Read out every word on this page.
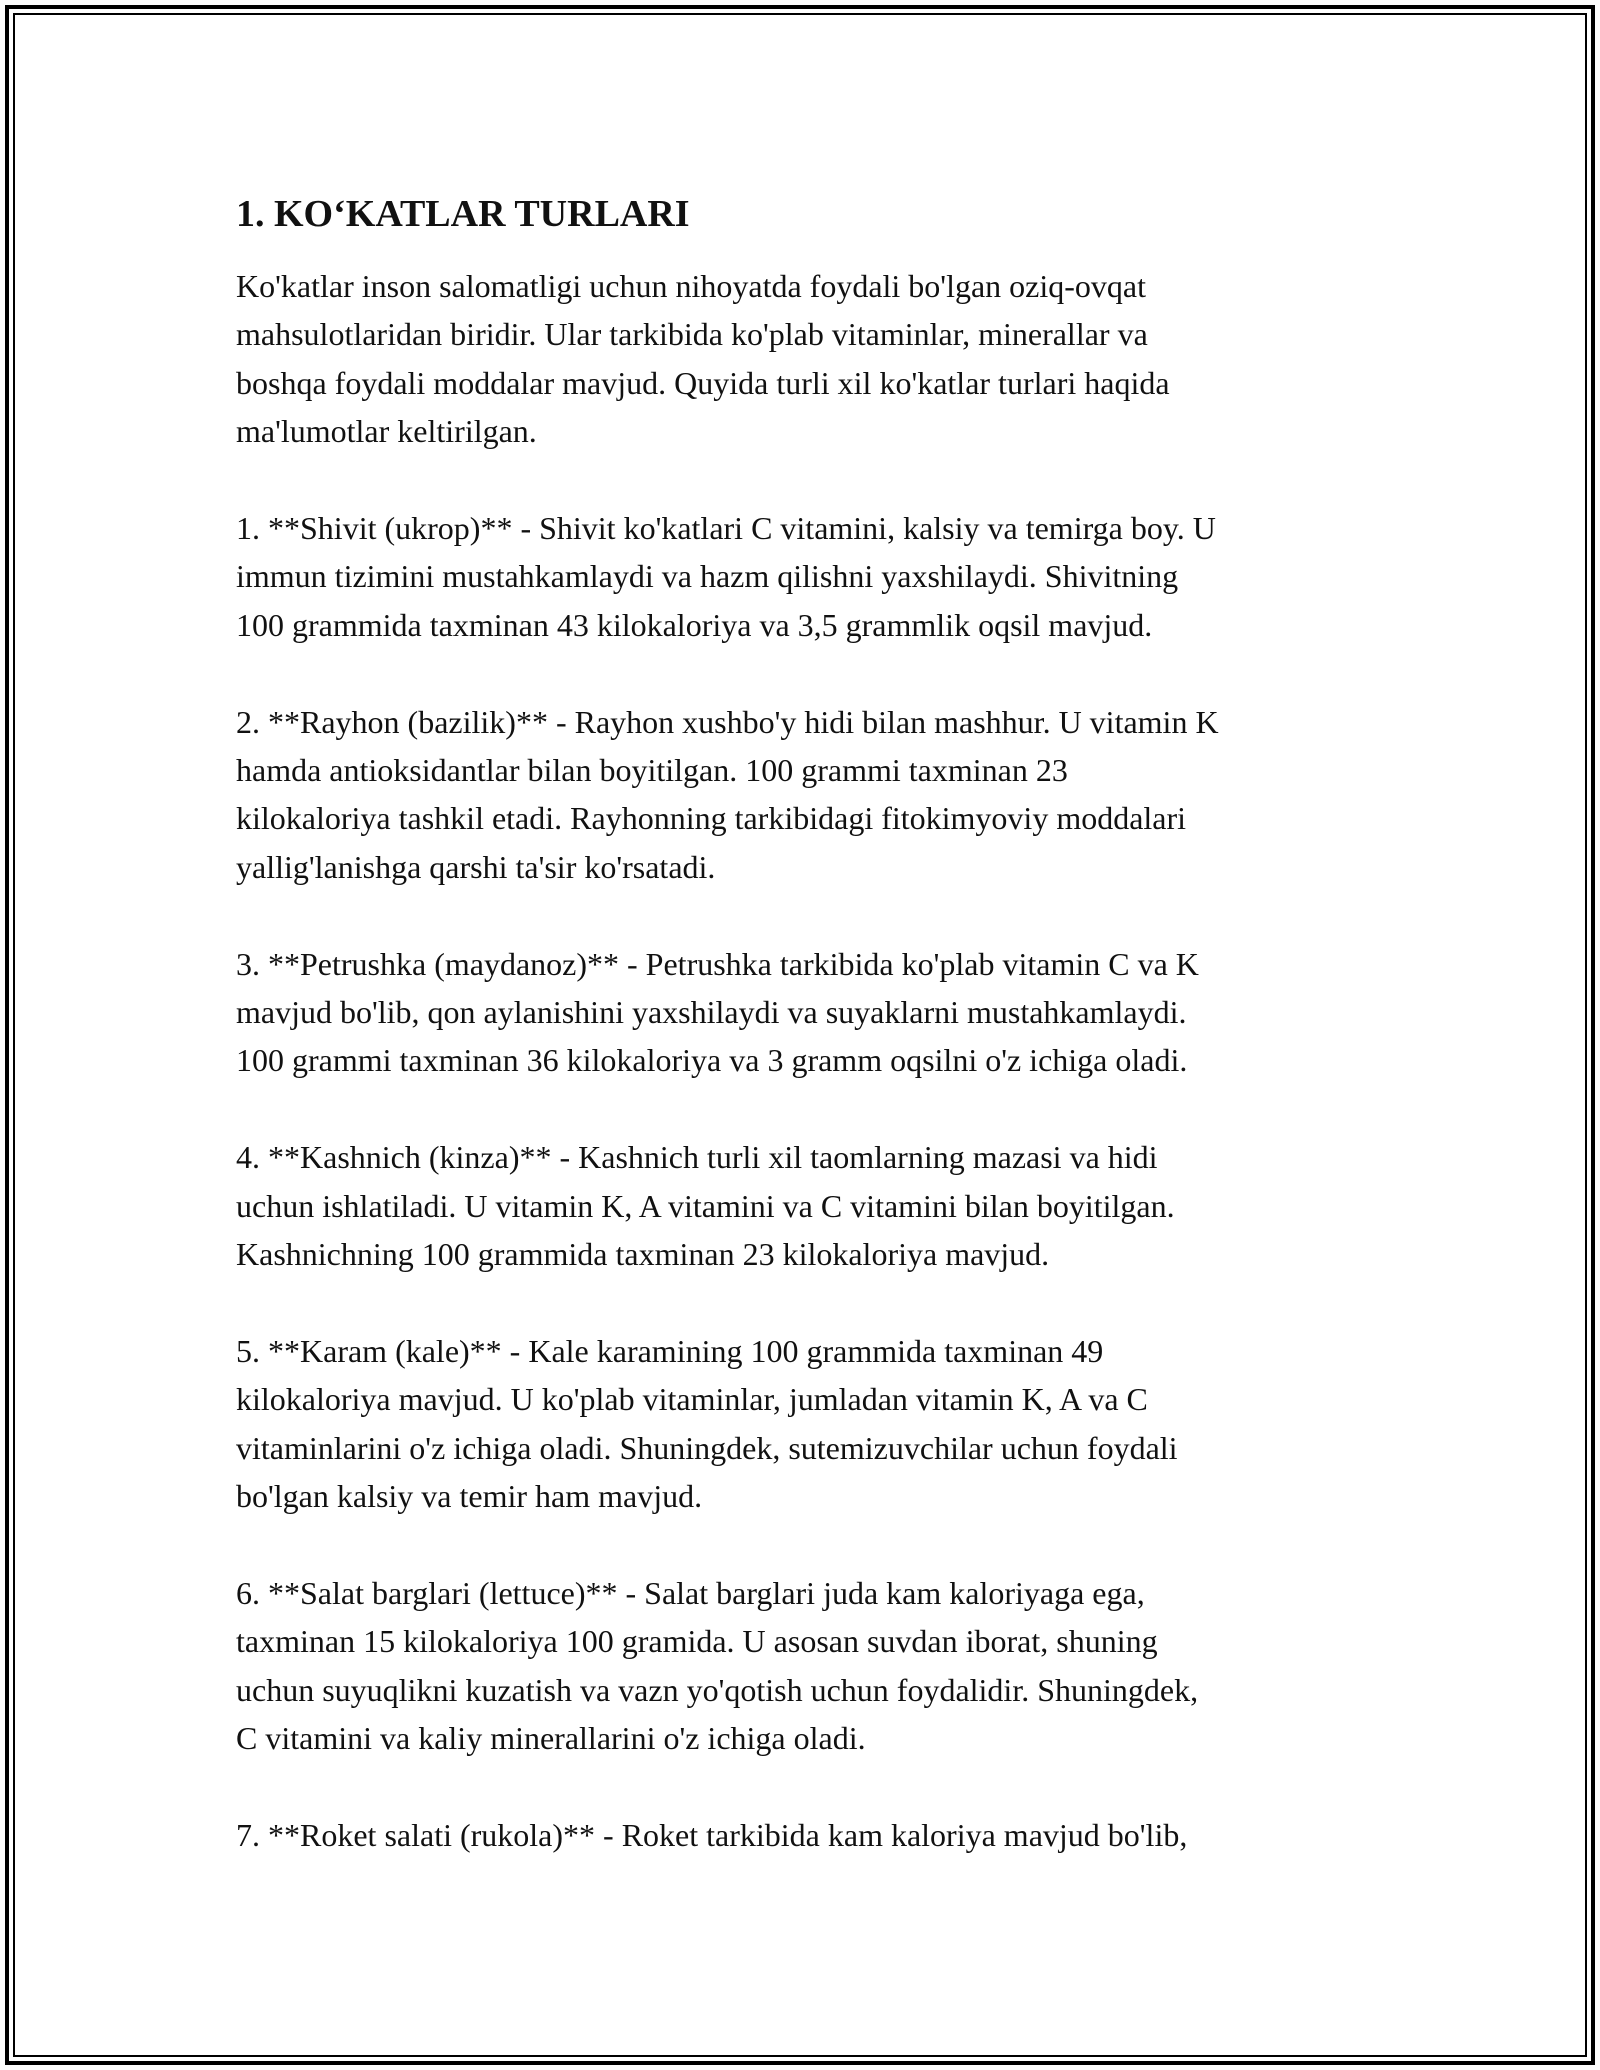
1. KO‘KATLAR TURLARI

Ko'katlar inson salomatligi uchun nihoyatda foydali bo'lgan oziq-ovqat
mahsulotlaridan biridir. Ular tarkibida ko'plab vitaminlar, minerallar va
boshqa foydali moddalar mavjud. Quyida turli xil ko'katlar turlari haqida
ma'lumotlar keltirilgan.

1. **Shivit (ukrop)** - Shivit ko'katlari C vitamini, kalsiy va temirga boy. U
immun tizimini mustahkamlaydi va hazm qilishni yaxshilaydi. Shivitning
100 grammida taxminan 43 kilokaloriya va 3,5 grammlik oqsil mavjud.

2. **Rayhon (bazilik)** - Rayhon xushbo'y hidi bilan mashhur. U vitamin K
hamda antioksidantlar bilan boyitilgan. 100 grammi taxminan 23
kilokaloriya tashkil etadi. Rayhonning tarkibidagi fitokimyoviy moddalari
yallig'lanishga qarshi ta'sir ko'rsatadi.

3. **Petrushka (maydanoz)** - Petrushka tarkibida ko'plab vitamin C va K
mavjud bo'lib, qon aylanishini yaxshilaydi va suyaklarni mustahkamlaydi.
100 grammi taxminan 36 kilokaloriya va 3 gramm oqsilni o'z ichiga oladi.

4. **Kashnich (kinza)** - Kashnich turli xil taomlarning mazasi va hidi
uchun ishlatiladi. U vitamin K, A vitamini va C vitamini bilan boyitilgan.
Kashnichning 100 grammida taxminan 23 kilokaloriya mavjud.

5. **Karam (kale)** - Kale karamining 100 grammida taxminan 49
kilokaloriya mavjud. U ko'plab vitaminlar, jumladan vitamin K, A va C
vitaminlarini o'z ichiga oladi. Shuningdek, sutemizuvchilar uchun foydali
bo'lgan kalsiy va temir ham mavjud.

6. **Salat barglari (lettuce)** - Salat barglari juda kam kaloriyaga ega,
taxminan 15 kilokaloriya 100 gramida. U asosan suvdan iborat, shuning
uchun suyuqlikni kuzatish va vazn yo'qotish uchun foydalidir. Shuningdek,
C vitamini va kaliy minerallarini o'z ichiga oladi.

7. **Roket salati (rukola)** - Roket tarkibida kam kaloriya mavjud bo'lib,
